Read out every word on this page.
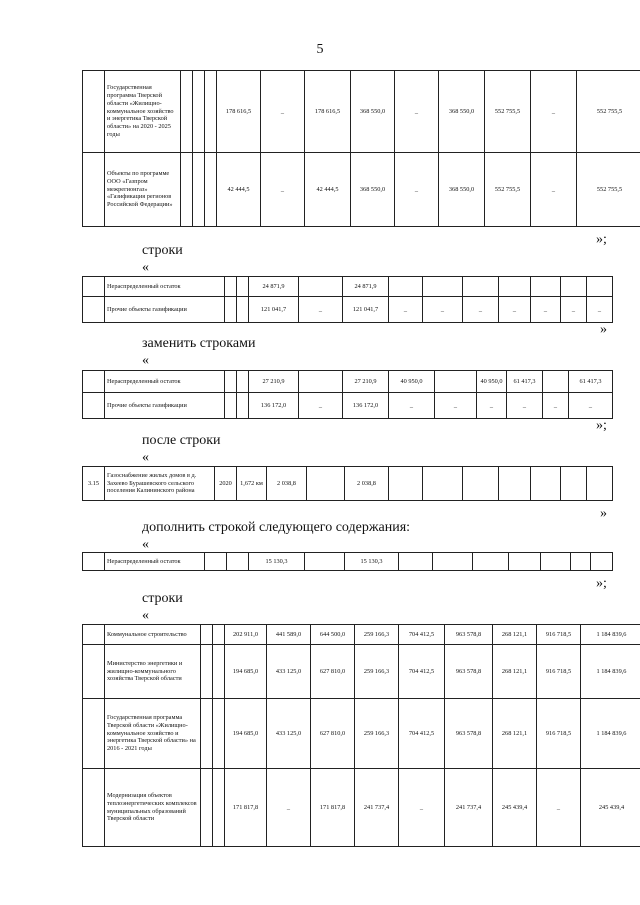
5
	Государственная программа Тверской области «Жилищно-коммунальное хозяйство и энергетика Тверской области» на 2020 - 2025 годы				178 616,5	_	178 616,5	368 550,0	_	368 550,0	552 755,5	_	552 755,5
	Объекты по программе ООО «Газпром межрегионгаз» «Газификация регионов Российской Федерации»				42 444,5	_	42 444,5	368 550,0	_	368 550,0	552 755,5	_	552 755,5
»;
строки
«
	Нераспределенный остаток			24 871,9		24 871,9							
	Прочие объекты газификации			121 041,7	_	121 041,7	_	_	_	_	_	_	_
»
заменить строками
«
	Нераспределенный остаток			27 210,9		27 210,9	40 950,0		40 950,0	61 417,3		61 417,3
	Прочие объекты газификации			136 172,0	_	136 172,0	_	_	_	_	_	_
»;
после строки
«
3.15	Газоснабжение жилых домов в д. Захеево Бурашевского сельского поселения Калининского района	2020	1,672 км	2 038,8		2 038,8							
»
дополнить строкой следующего содержания:
«
	Нераспределенный остаток			15 130,3		15 130,3							
»;
строки
«
	Коммунальное строительство			202 911,0	441 589,0	644 500,0	259 166,3	704 412,5	963 578,8	268 121,1	916 718,5	1 184 839,6
	Министерство энергетики и жилищно-коммунального хозяйства Тверской области			194 685,0	433 125,0	627 810,0	259 166,3	704 412,5	963 578,8	268 121,1	916 718,5	1 184 839,6
	Государственная программа Тверской области «Жилищно-коммунальное хозяйство и энергетика Тверской области» на 2016 - 2021 годы			194 685,0	433 125,0	627 810,0	259 166,3	704 412,5	963 578,8	268 121,1	916 718,5	1 184 839,6
	Модернизация объектов теплоэнергетических комплексов муниципальных образований Тверской области			171 817,8	_	171 817,8	241 737,4	_	241 737,4	245 439,4	_	245 439,4
